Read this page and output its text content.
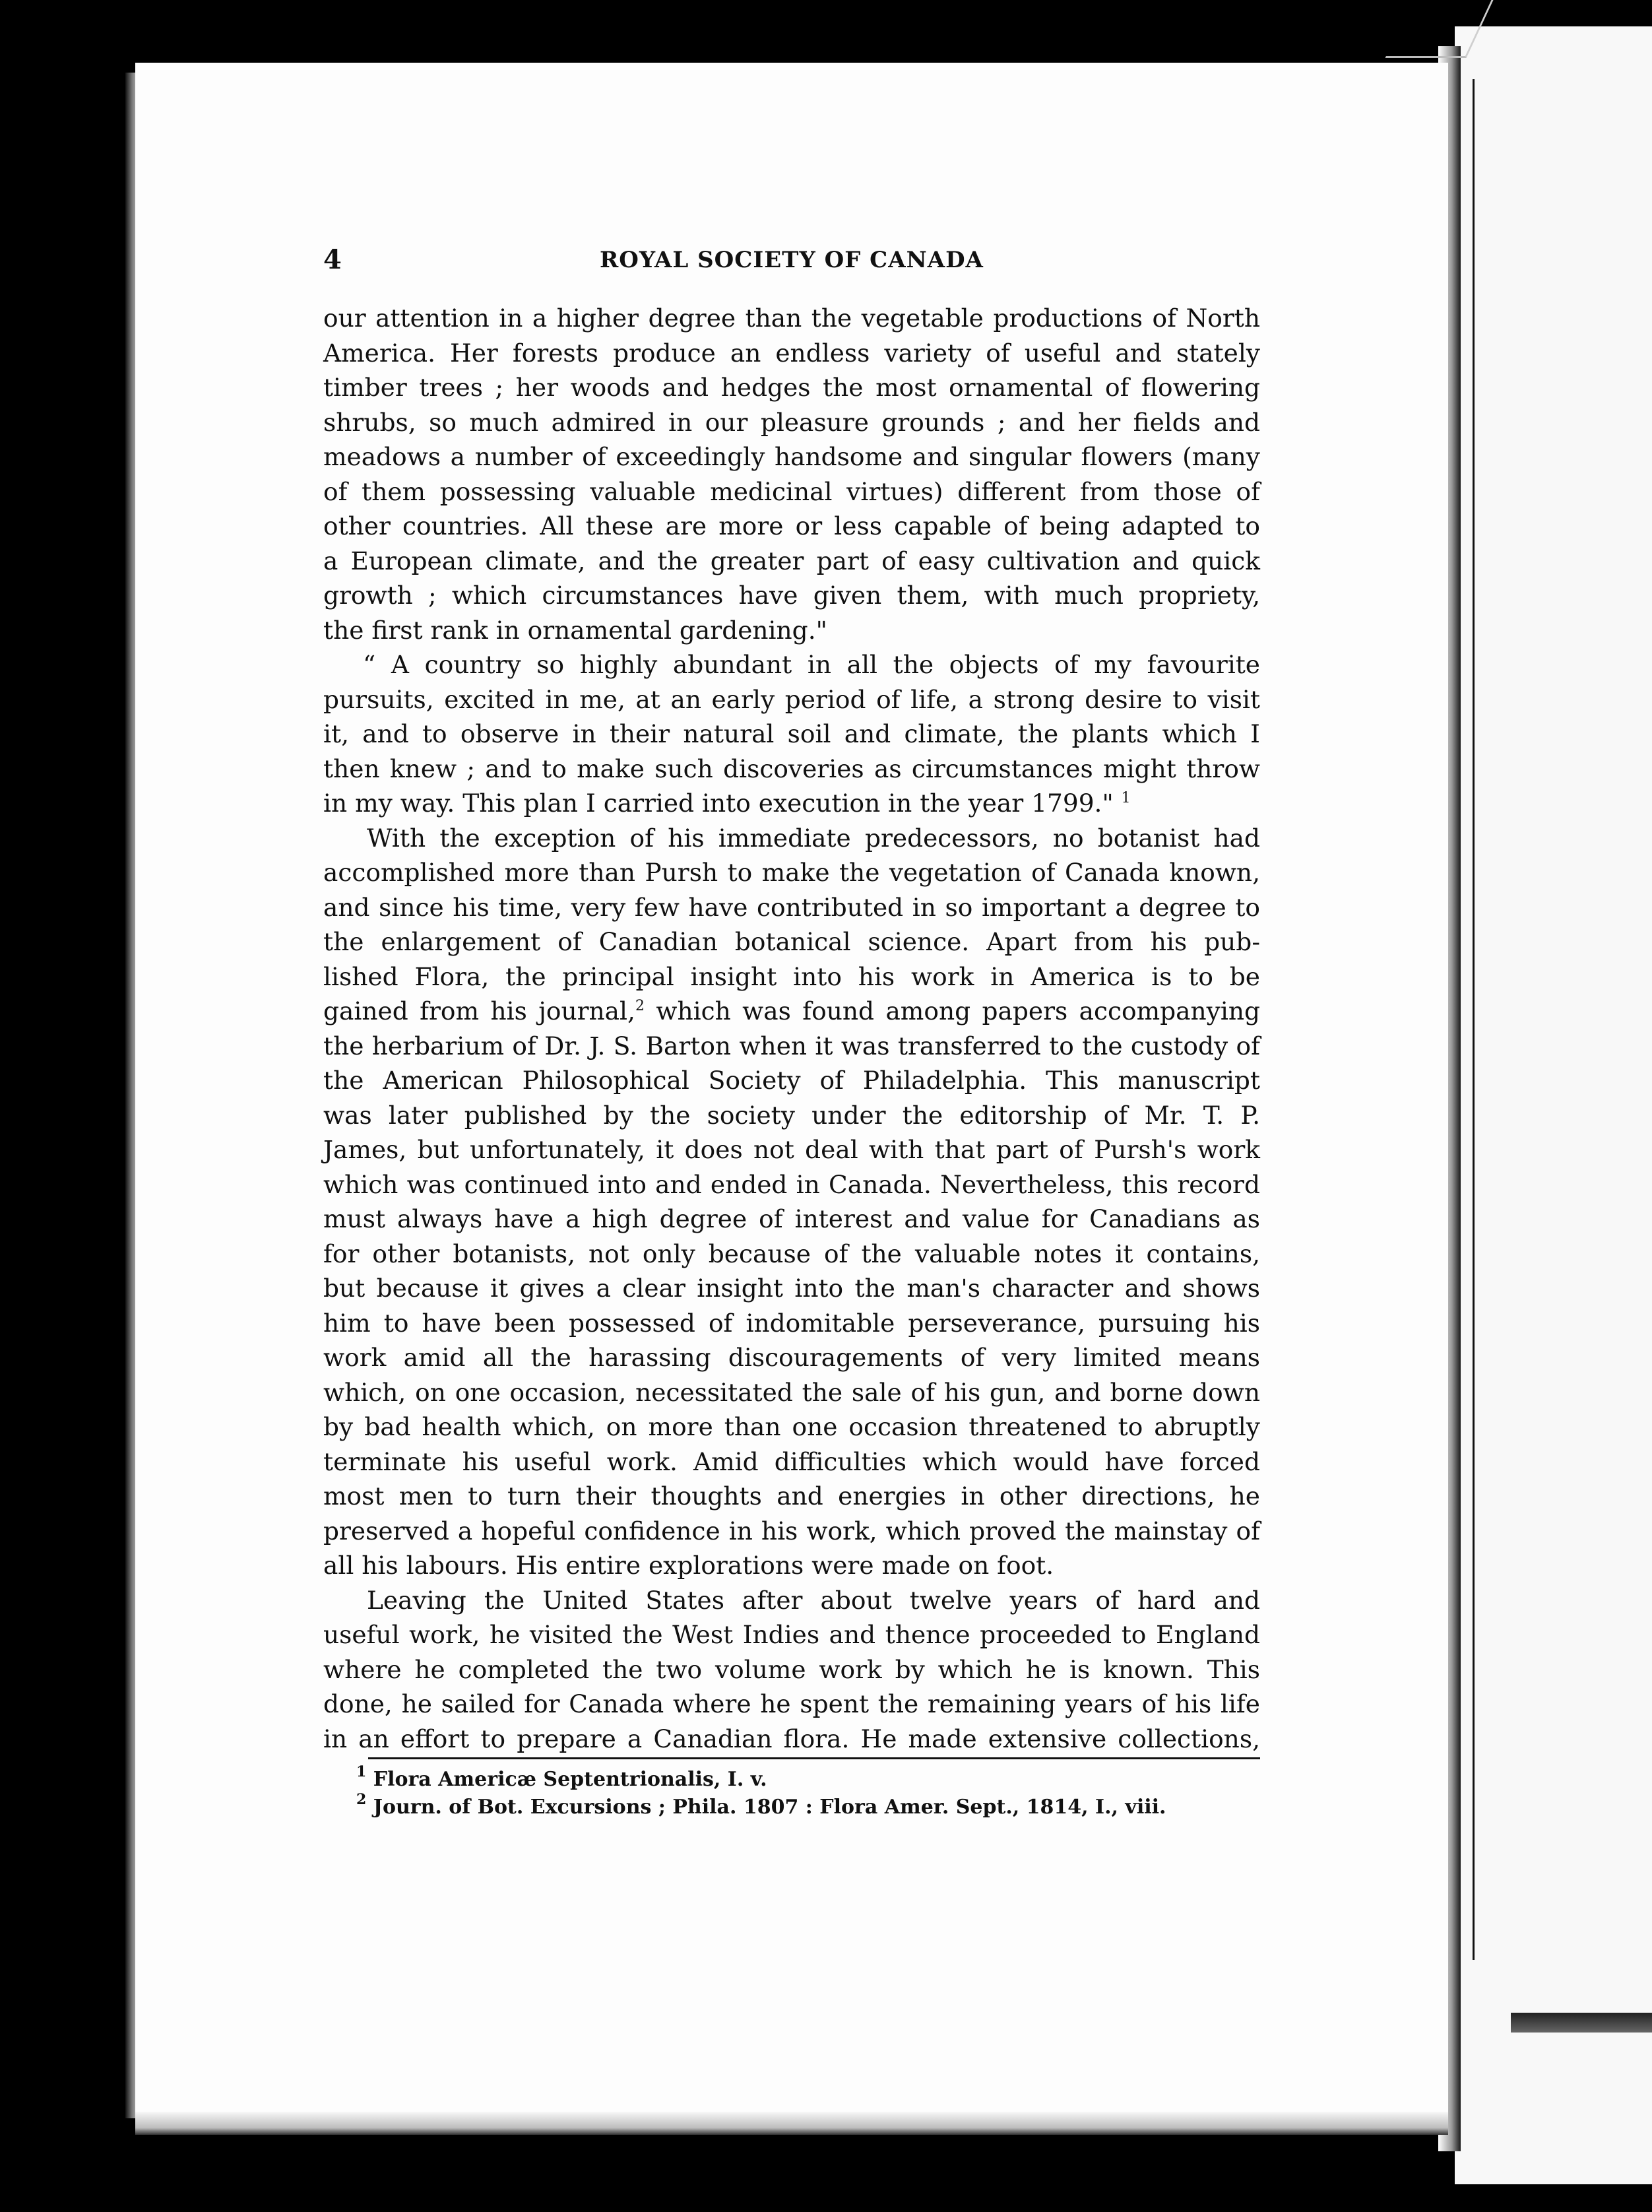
4	ROYAL SOCIETY OF CANADA
our attention in a higher degree than the vegetable productions of North
America. Her forests produce an endless variety of useful and stately
timber trees ; her woods and hedges the most ornamental of flowering
shrubs, so much admired in our pleasure grounds ; and her fields and
meadows a number of exceedingly handsome and singular flowers (many
of them possessing valuable medicinal virtues) different from those of
other countries. All these are more or less capable of being adapted to
a European climate, and the greater part of easy cultivation and quick
growth ; which circumstances have given them, with much propriety,
the first rank in ornamental gardening."
“ A country so highly abundant in all the objects of my favourite
pursuits, excited in me, at an early period of life, a strong desire to visit
it, and to observe in their natural soil and climate, the plants which I
then knew ; and to make such discoveries as circumstances might throw
in my way. This plan I carried into execution in the year 1799." $^1$
With the exception of his immediate predecessors, no botanist had
accomplished more than Pursh to make the vegetation of Canada known,
and since his time, very few have contributed in so important a degree to
the enlargement of Canadian botanical science. Apart from his pub-
lished Flora, the principal insight into his work in America is to be
gained from his journal,$^2$ which was found among papers accompanying
the herbarium of Dr. J. S. Barton when it was transferred to the custody of
the American Philosophical Society of Philadelphia. This manuscript
was later published by the society under the editorship of Mr. T. P.
James, but unfortunately, it does not deal with that part of Pursh's work
which was continued into and ended in Canada. Nevertheless, this record
must always have a high degree of interest and value for Canadians as
for other botanists, not only because of the valuable notes it contains,
but because it gives a clear insight into the man's character and shows
him to have been possessed of indomitable perseverance, pursuing his
work amid all the harassing discouragements of very limited means
which, on one occasion, necessitated the sale of his gun, and borne down
by bad health which, on more than one occasion threatened to abruptly
terminate his useful work. Amid difficulties which would have forced
most men to turn their thoughts and energies in other directions, he
preserved a hopeful confidence in his work, which proved the mainstay of
all his labours. His entire explorations were made on foot.
Leaving the United States after about twelve years of hard and
useful work, he visited the West Indies and thence proceeded to England
where he completed the two volume work by which he is known. This
done, he sailed for Canada where he spent the remaining years of his life
in an effort to prepare a Canadian flora. He made extensive collections,
$^1$ Flora Americæ Septentrionalis, I. v.
$^2$ Journ. of Bot. Excursions ; Phila. 1807 : Flora Amer. Sept., 1814, I., viii.
